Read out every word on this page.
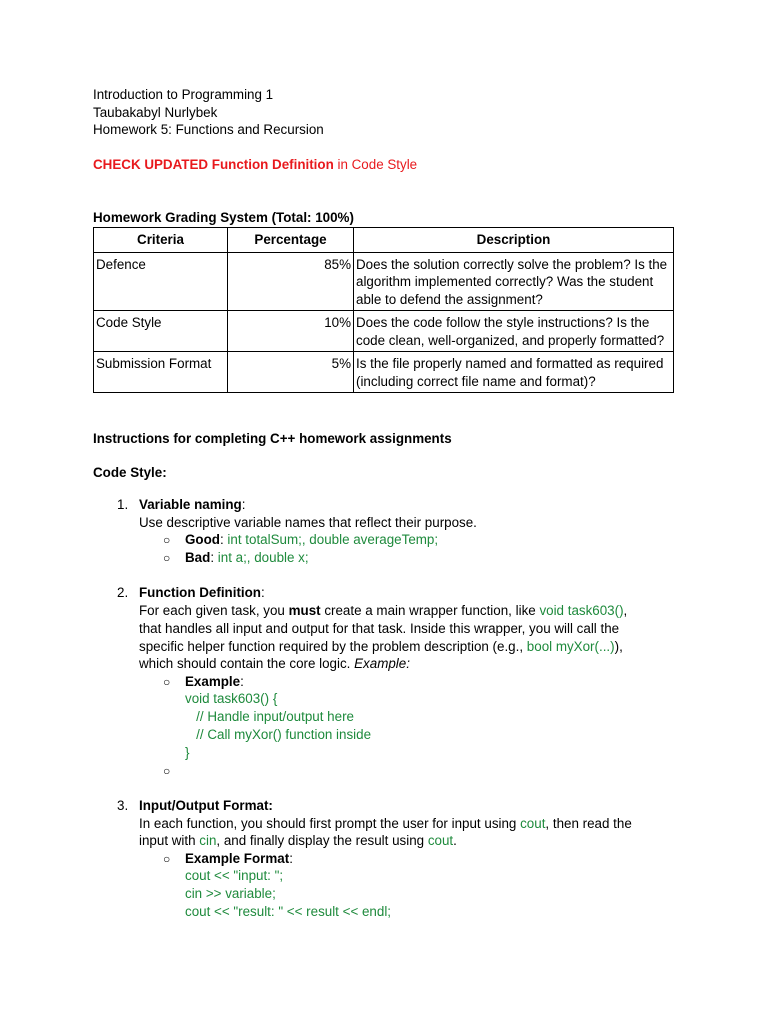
Introduction to Programming 1
Taubakabyl Nurlybek
Homework 5: Functions and Recursion
CHECK UPDATED Function Definition in Code Style
Homework Grading System (Total: 100%)
Criteria	Percentage	Description
Defence	85%	Does the solution correctly solve the problem? Is the algorithm implemented correctly? Was the student able to defend the assignment?
Code Style	10%	Does the code follow the style instructions? Is the code clean, well-organized, and properly formatted?
Submission Format	5%	Is the file properly named and formatted as required (including correct file name and format)?
Instructions for completing C++ homework assignments
Code Style:
1. Variable naming:
Use descriptive variable names that reflect their purpose.
○ Good: int totalSum;, double averageTemp;
○ Bad: int a;, double x;
2. Function Definition:
For each given task, you must create a main wrapper function, like void task603(),
that handles all input and output for that task. Inside this wrapper, you will call the
specific helper function required by the problem description (e.g., bool myXor(...)),
which should contain the core logic. Example:
○ Example:
void task603() {
// Handle input/output here
// Call myXor() function inside
}
○
3. Input/Output Format:
In each function, you should first prompt the user for input using cout, then read the
input with cin, and finally display the result using cout.
○ Example Format:
cout << "input: ";
cin >> variable;
cout << "result: " << result << endl;
